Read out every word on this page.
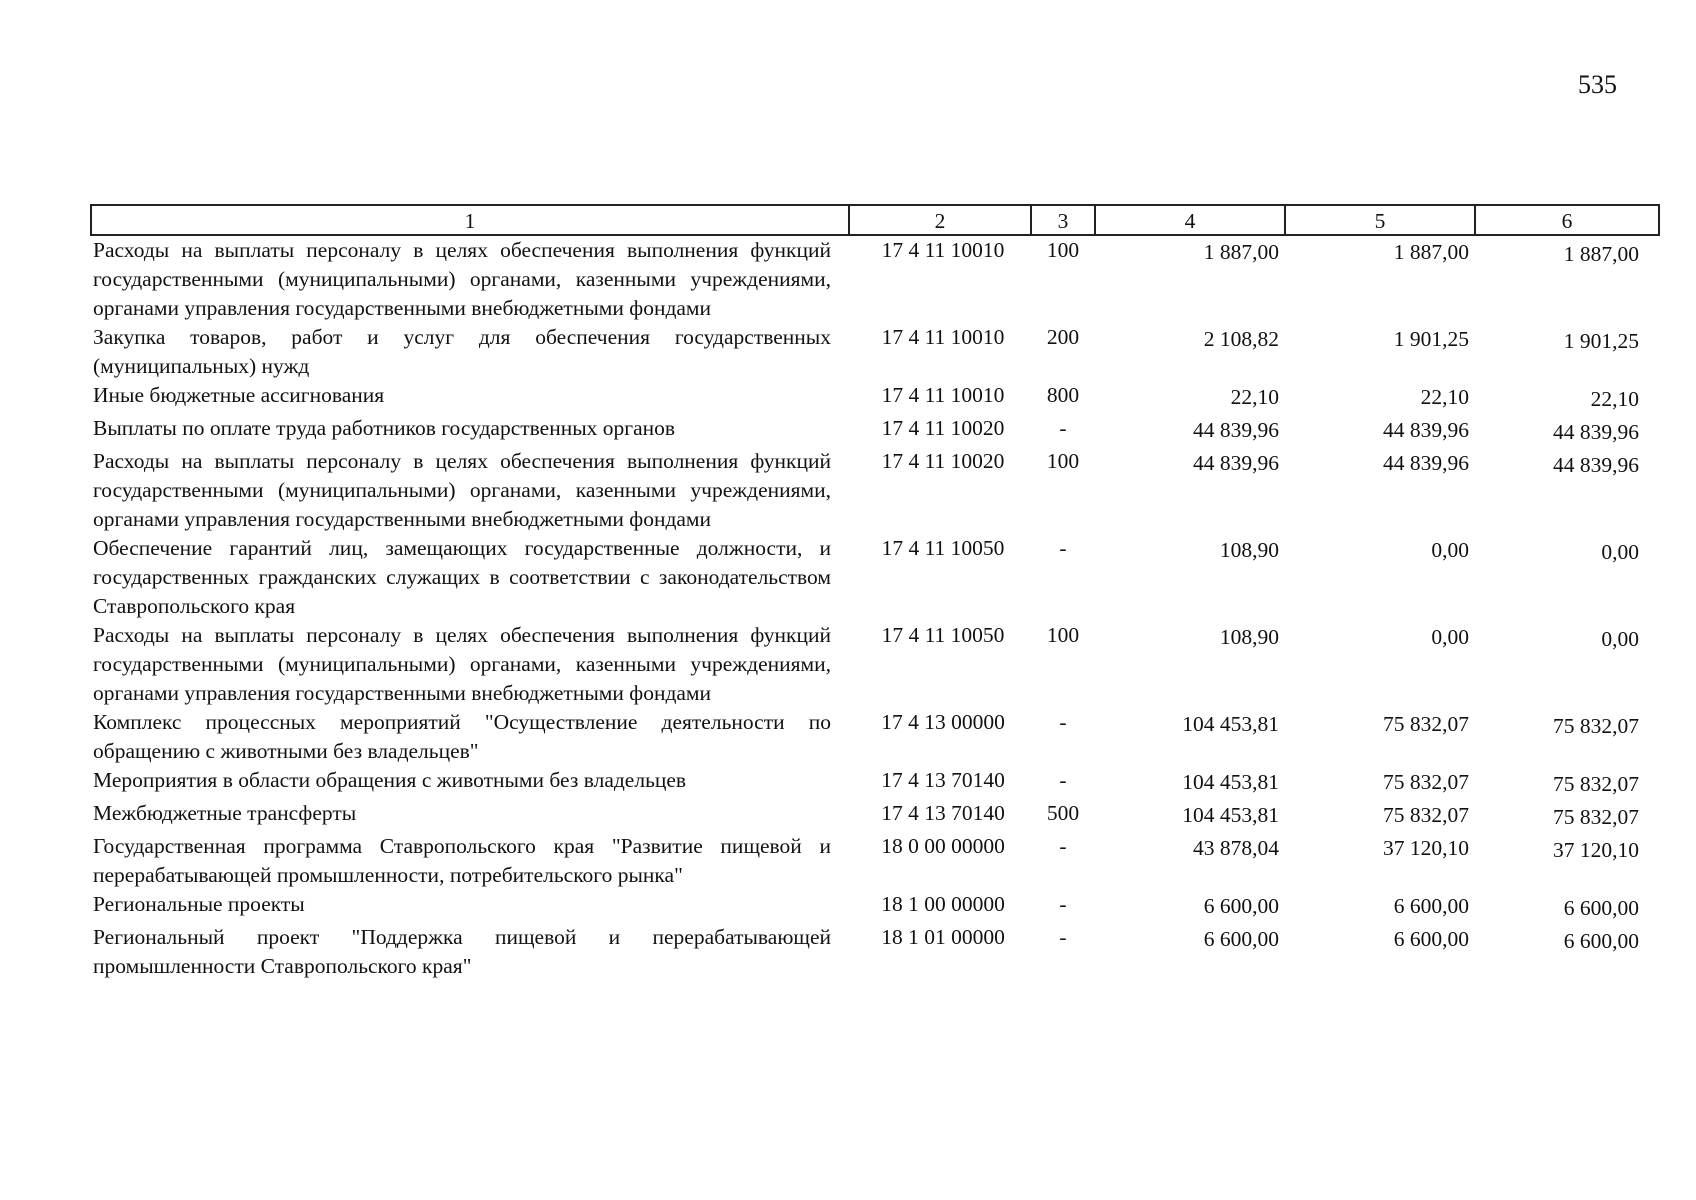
535
1	2	3	4	5	6
Расходы на выплаты персоналу в целях обеспечения выполнения функций государственными (муниципальными) органами, казенными учреждениями, органами управления государственными внебюджетными фондами	17 4 11 10010	100	1 887,00	1 887,00	1 887,00
Закупка товаров, работ и услуг для обеспечения государственных (муниципальных) нужд	17 4 11 10010	200	2 108,82	1 901,25	1 901,25
Иные бюджетные ассигнования	17 4 11 10010	800	22,10	22,10	22,10
Выплаты по оплате труда работников государственных органов	17 4 11 10020	-	44 839,96	44 839,96	44 839,96
Расходы на выплаты персоналу в целях обеспечения выполнения функций государственными (муниципальными) органами, казенными учреждениями, органами управления государственными внебюджетными фондами	17 4 11 10020	100	44 839,96	44 839,96	44 839,96
Обеспечение гарантий лиц, замещающих государственные должности, и государственных гражданских служащих в соответствии с законодательством Ставропольского края	17 4 11 10050	-	108,90	0,00	0,00
Расходы на выплаты персоналу в целях обеспечения выполнения функций государственными (муниципальными) органами, казенными учреждениями, органами управления государственными внебюджетными фондами	17 4 11 10050	100	108,90	0,00	0,00
Комплекс процессных мероприятий "Осуществление деятельности по обращению с животными без владельцев"	17 4 13 00000	-	104 453,81	75 832,07	75 832,07
Мероприятия в области обращения с животными без владельцев	17 4 13 70140	-	104 453,81	75 832,07	75 832,07
Межбюджетные трансферты	17 4 13 70140	500	104 453,81	75 832,07	75 832,07
Государственная программа Ставропольского края "Развитие пищевой и перерабатывающей промышленности, потребительского рынка"	18 0 00 00000	-	43 878,04	37 120,10	37 120,10
Региональные проекты	18 1 00 00000	-	6 600,00	6 600,00	6 600,00
Региональный проект "Поддержка пищевой и перерабатывающей промышленности Ставропольского края"	18 1 01 00000	-	6 600,00	6 600,00	6 600,00
